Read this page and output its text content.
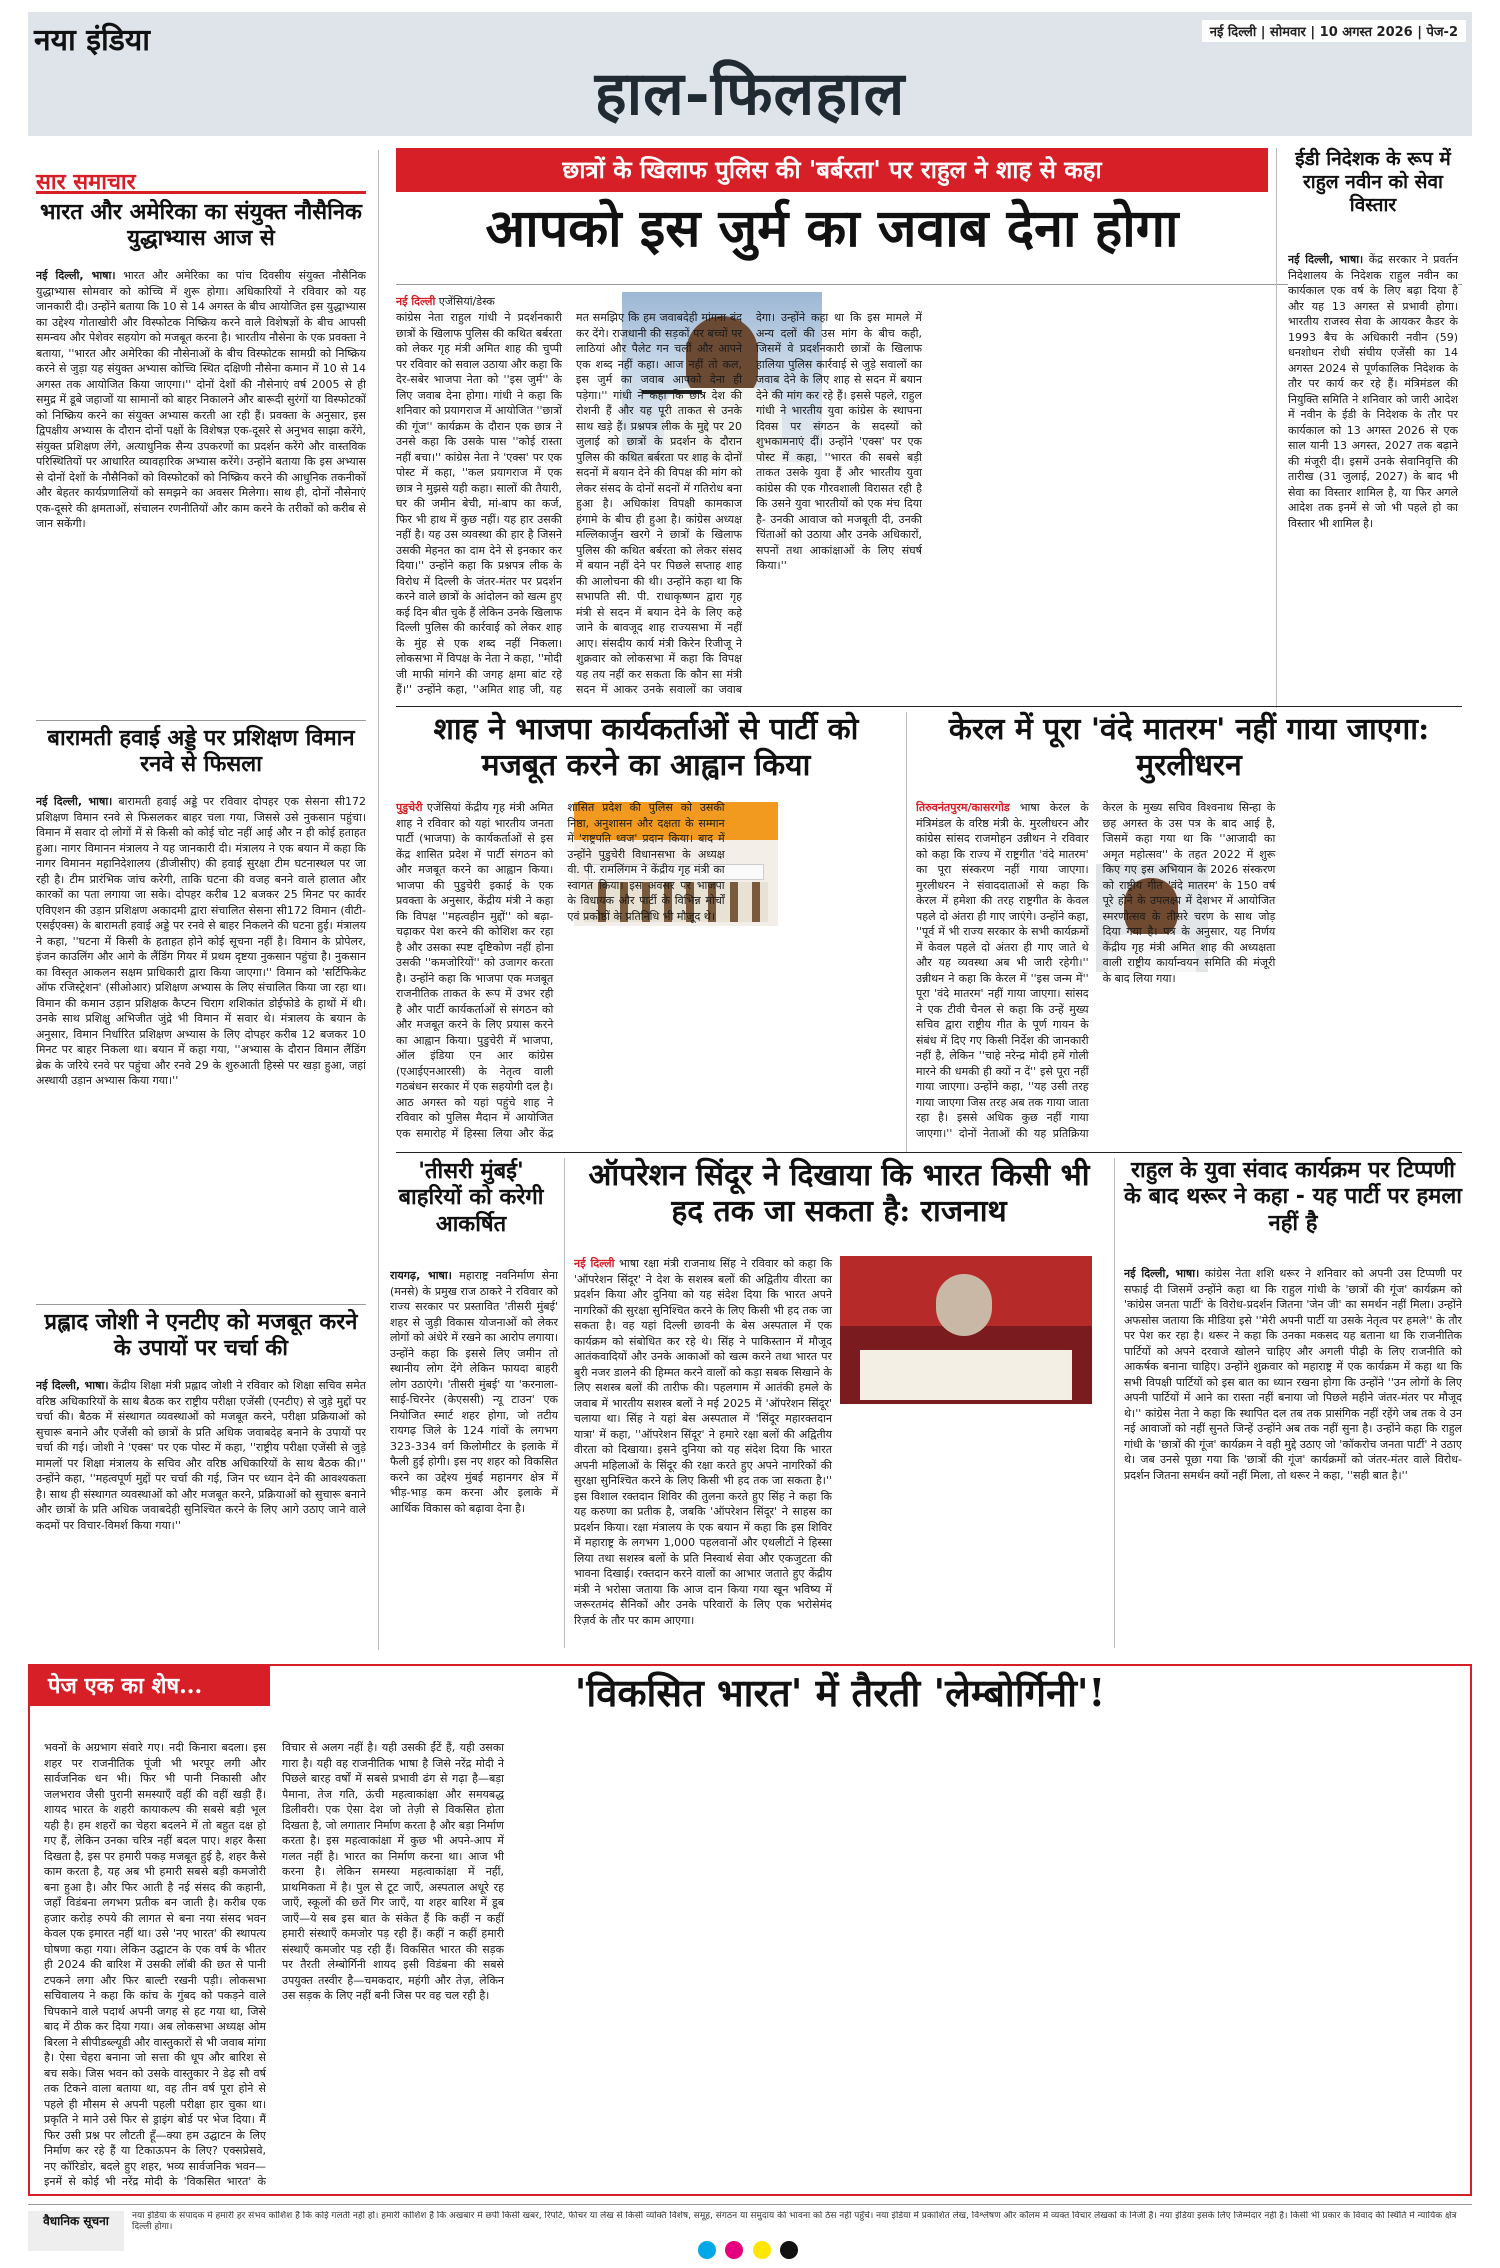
नया इंडिया	नई दिल्ली | सोमवार | 10 अगस्त 2026 | पेज-2
हाल-फिलहाल
सार समाचार
भारत और अमेरिका का संयुक्त नौसैनिक युद्धाभ्यास आज से
नई दिल्ली, भाषा। भारत और अमेरिका का पांच दिवसीय संयुक्त नौसैनिक युद्धाभ्यास सोमवार को कोच्चि में शुरू होगा। अधिकारियों ने रविवार को यह जानकारी दी। उन्होंने बताया कि 10 से 14 अगस्त के बीच आयोजित इस युद्धाभ्यास का उद्देश्य गोताखोरी और विस्फोटक निष्क्रिय करने वाले विशेषज्ञों के बीच आपसी समन्वय और पेशेवर सहयोग को मजबूत करना है। भारतीय नौसेना के एक प्रवक्ता ने बताया, ''भारत और अमेरिका की नौसेनाओं के बीच विस्फोटक सामग्री को निष्क्रिय करने से जुड़ा यह संयुक्त अभ्यास कोच्चि स्थित दक्षिणी नौसेना कमान में 10 से 14 अगस्त तक आयोजित किया जाएगा।'' दोनों देशों की नौसेनाएं वर्ष 2005 से ही समुद्र में डूबे जहाजों या सामानों को बाहर निकालने और बारूदी सुरंगों या विस्फोटकों को निष्क्रिय करने का संयुक्त अभ्यास करती आ रही हैं। प्रवक्ता के अनुसार, इस द्विपक्षीय अभ्यास के दौरान दोनों पक्षों के विशेषज्ञ एक-दूसरे से अनुभव साझा करेंगे, संयुक्त प्रशिक्षण लेंगे, अत्याधुनिक सैन्य उपकरणों का प्रदर्शन करेंगे और वास्तविक परिस्थितियों पर आधारित व्यावहारिक अभ्यास करेंगे। उन्होंने बताया कि इस अभ्यास से दोनों देशों के नौसैनिकों को विस्फोटकों को निष्क्रिय करने की आधुनिक तकनीकों और बेहतर कार्यप्रणालियों को समझने का अवसर मिलेगा। साथ ही, दोनों नौसेनाएं एक-दूसरे की क्षमताओं, संचालन रणनीतियों और काम करने के तरीकों को करीब से जान सकेंगी।
बारामती हवाई अड्डे पर प्रशिक्षण विमान रनवे से फिसला
नई दिल्ली, भाषा। बारामती हवाई अड्डे पर रविवार दोपहर एक सेसना सी172 प्रशिक्षण विमान रनवे से फिसलकर बाहर चला गया, जिससे उसे नुकसान पहुंचा। विमान में सवार दो लोगों में से किसी को कोई चोट नहीं आई और न ही कोई हताहत हुआ। नागर विमानन मंत्रालय ने यह जानकारी दी। मंत्रालय ने एक बयान में कहा कि नागर विमानन महानिदेशालय (डीजीसीए) की हवाई सुरक्षा टीम घटनास्थल पर जा रही है। टीम प्रारंभिक जांच करेगी, ताकि घटना की वजह बनने वाले हालात और कारकों का पता लगाया जा सके। दोपहर करीब 12 बजकर 25 मिनट पर कार्वर एविएशन की उड़ान प्रशिक्षण अकादमी द्वारा संचालित सेसना सी172 विमान (वीटी-एसईएक्स) के बारामती हवाई अड्डे पर रनवे से बाहर निकलने की घटना हुई। मंत्रालय ने कहा, ''घटना में किसी के हताहत होने कोई सूचना नहीं है। विमान के प्रोपेलर, इंजन काउलिंग और आगे के लैंडिंग गियर में प्रथम दृष्टया नुकसान पहुंचा है। नुकसान का विस्तृत आकलन सक्षम प्राधिकारी द्वारा किया जाएगा।'' विमान को 'सर्टिफिकेट ऑफ रजिस्ट्रेशन' (सीओआर) प्रशिक्षण अभ्यास के लिए संचालित किया जा रहा था। विमान की कमान उड़ान प्रशिक्षक कैप्टन चिराग शशिकांत डोईफोडे के हाथों में थी। उनके साथ प्रशिक्षु अभिजीत जुंद्रे भी विमान में सवार थे। मंत्रालय के बयान के अनुसार, विमान निर्धारित प्रशिक्षण अभ्यास के लिए दोपहर करीब 12 बजकर 10 मिनट पर बाहर निकला था। बयान में कहा गया, ''अभ्यास के दौरान विमान लैंडिंग ब्रेक के जरिये रनवे पर पहुंचा और रनवे 29 के शुरुआती हिस्से पर खड़ा हुआ, जहां अस्थायी उड़ान अभ्यास किया गया।''
प्रह्लाद जोशी ने एनटीए को मजबूत करने के उपायों पर चर्चा की
नई दिल्ली, भाषा। केंद्रीय शिक्षा मंत्री प्रह्लाद जोशी ने रविवार को शिक्षा सचिव समेत वरिष्ठ अधिकारियों के साथ बैठक कर राष्ट्रीय परीक्षा एजेंसी (एनटीए) से जुड़े मुद्दों पर चर्चा की। बैठक में संस्थागत व्यवस्थाओं को मजबूत करने, परीक्षा प्रक्रियाओं को सुचारू बनाने और एजेंसी को छात्रों के प्रति अधिक जवाबदेह बनाने के उपायों पर चर्चा की गई। जोशी ने 'एक्स' पर एक पोस्ट में कहा, ''राष्ट्रीय परीक्षा एजेंसी से जुड़े मामलों पर शिक्षा मंत्रालय के सचिव और वरिष्ठ अधिकारियों के साथ बैठक की।'' उन्होंने कहा, ''महत्वपूर्ण मुद्दों पर चर्चा की गई, जिन पर ध्यान देने की आवश्यकता है। साथ ही संस्थागत व्यवस्थाओं को और मजबूत करने, प्रक्रियाओं को सुचारू बनाने और छात्रों के प्रति अधिक जवाबदेही सुनिश्चित करने के लिए आगे उठाए जाने वाले कदमों पर विचार-विमर्श किया गया।''
छात्रों के खिलाफ पुलिस की 'बर्बरता' पर राहुल ने शाह से कहा
आपको इस जुर्म का जवाब देना होगा
नई दिल्ली एजेंसियां/डेस्क
कांग्रेस नेता राहुल गांधी ने प्रदर्शनकारी छात्रों के खिलाफ पुलिस की कथित बर्बरता को लेकर गृह मंत्री अमित शाह की चुप्पी पर रविवार को सवाल उठाया और कहा कि देर-सबेर भाजपा नेता को ''इस जुर्म'' के लिए जवाब देना होगा। गांधी ने कहा कि शनिवार को प्रयागराज में आयोजित ''छात्रों की गूंज'' कार्यक्रम के दौरान एक छात्र ने उनसे कहा कि उसके पास ''कोई रास्ता नहीं बचा।'' कांग्रेस नेता ने 'एक्स' पर एक पोस्ट में कहा, ''कल प्रयागराज में एक छात्र ने मुझसे यही कहा। सालों की तैयारी, घर की जमीन बेची, मां-बाप का कर्ज, फिर भी हाथ में कुछ नहीं। यह हार उसकी नहीं है। यह उस व्यवस्था की हार है जिसने उसकी मेहनत का दाम देने से इनकार कर दिया।'' उन्होंने कहा कि प्रश्नपत्र लीक के विरोध में दिल्ली के जंतर-मंतर पर प्रदर्शन करने वाले छात्रों के आंदोलन को खत्म हुए कई दिन बीत चुके हैं लेकिन उनके खिलाफ दिल्ली पुलिस की कार्रवाई को लेकर शाह के मुंह से एक शब्द नहीं निकला। लोकसभा में विपक्ष के नेता ने कहा, ''मोदी जी माफी मांगने की जगह क्षमा बांट रहे हैं।'' उन्होंने कहा, ''अमित शाह जी, यह मत समझिए कि हम जवाबदेही मांगना बंद कर देंगे। राजधानी की सड़कों पर बच्चों पर लाठियां और पैलेट गन चलीं और आपने एक शब्द नहीं कहा। आज नहीं तो कल, इस जुर्म का जवाब आपको देना ही पड़ेगा।'' गांधी ने कहा कि छात्र देश की रोशनी हैं और यह पूरी ताकत से उनके साथ खड़े हैं। प्रश्नपत्र लीक के मुद्दे पर 20 जुलाई को छात्रों के प्रदर्शन के दौरान पुलिस की कथित बर्बरता पर शाह के दोनों सदनों में बयान देने की विपक्ष की मांग को लेकर संसद के दोनों सदनों में गतिरोध बना हुआ है। अधिकांश विपक्षी कामकाज हंगामे के बीच ही हुआ है। कांग्रेस अध्यक्ष मल्लिकार्जुन खरगे ने छात्रों के खिलाफ पुलिस की कथित बर्बरता को लेकर संसद में बयान नहीं देने पर पिछले सप्ताह शाह की आलोचना की थी। उन्होंने कहा था कि सभापति सी. पी. राधाकृष्णन द्वारा गृह मंत्री से सदन में बयान देने के लिए कहे जाने के बावजूद शाह राज्यसभा में नहीं आए। संसदीय कार्य मंत्री किरेन रिजीजू ने शुक्रवार को लोकसभा में कहा कि विपक्ष यह तय नहीं कर सकता कि कौन सा मंत्री सदन में आकर उनके सवालों का जवाब देगा। उन्होंने कहा था कि इस मामले में अन्य दलों की उस मांग के बीच कही, जिसमें वे प्रदर्शनकारी छात्रों के खिलाफ हालिया पुलिस कार्रवाई से जुड़े सवालों का जवाब देने के लिए शाह से सदन में बयान देने की मांग कर रहे हैं। इससे पहले, राहुल गांधी ने भारतीय युवा कांग्रेस के स्थापना दिवस पर संगठन के सदस्यों को शुभकामनाएं दीं। उन्होंने 'एक्स' पर एक पोस्ट में कहा, ''भारत की सबसे बड़ी ताकत उसके युवा हैं और भारतीय युवा कांग्रेस की एक गौरवशाली विरासत रही है कि उसने युवा भारतीयों को एक मंच दिया है- उनकी आवाज को मजबूती दी, उनकी चिंताओं को उठाया और उनके अधिकारों, सपनों तथा आकांक्षाओं के लिए संघर्ष किया।''
ईडी निदेशक के रूप में राहुल नवीन को सेवा विस्तार
नई दिल्ली, भाषा। केंद्र सरकार ने प्रवर्तन निदेशालय के निदेशक राहुल नवीन का कार्यकाल एक वर्ष के लिए बढ़ा दिया है और यह 13 अगस्त से प्रभावी होगा। भारतीय राजस्व सेवा के आयकर कैडर के 1993 बैच के अधिकारी नवीन (59) धनशोधन रोधी संघीय एजेंसी का 14 अगस्त 2024 से पूर्णकालिक निदेशक के तौर पर कार्य कर रहे हैं। मंत्रिमंडल की नियुक्ति समिति ने शनिवार को जारी आदेश में नवीन के ईडी के निदेशक के तौर पर कार्यकाल को 13 अगस्त 2026 से एक साल यानी 13 अगस्त, 2027 तक बढ़ाने की मंजूरी दी। इसमें उनके सेवानिवृत्ति की तारीख (31 जुलाई, 2027) के बाद भी सेवा का विस्तार शामिल है, या फिर अगले आदेश तक इनमें से जो भी पहले हो का विस्तार भी शामिल है।
शाह ने भाजपा कार्यकर्ताओं से पार्टी को मजबूत करने का आह्वान किया
पुडुचेरी एजेंसियां केंद्रीय गृह मंत्री अमित शाह ने रविवार को यहां भारतीय जनता पार्टी (भाजपा) के कार्यकर्ताओं से इस केंद्र शासित प्रदेश में पार्टी संगठन को और मजबूत करने का आह्वान किया। भाजपा की पुडुचेरी इकाई के एक प्रवक्ता के अनुसार, केंद्रीय मंत्री ने कहा कि विपक्ष ''महत्वहीन मुद्दों'' को बढ़ा-चढ़ाकर पेश करने की कोशिश कर रहा है और उसका स्पष्ट दृष्टिकोण नहीं होना उसकी ''कमजोरियों'' को उजागर करता है। उन्होंने कहा कि भाजपा एक मजबूत राजनीतिक ताकत के रूप में उभर रही है और पार्टी कार्यकर्ताओं से संगठन को और मजबूत करने के लिए प्रयास करने का आह्वान किया। पुडुचेरी में भाजपा, ऑल इंडिया एन आर कांग्रेस (एआईएनआरसी) के नेतृत्व वाली गठबंधन सरकार में एक सहयोगी दल है। आठ अगस्त को यहां पहुंचे शाह ने रविवार को पुलिस मैदान में आयोजित एक समारोह में हिस्सा लिया और केंद्र शासित प्रदेश की पुलिस को उसकी निष्ठा, अनुशासन और दक्षता के सम्मान में 'राष्ट्रपति ध्वज' प्रदान किया। बाद में उन्होंने पुडुचेरी विधानसभा के अध्यक्ष वी. पी. रामलिंगम ने केंद्रीय गृह मंत्री का स्वागत किया। इस अवसर पर भाजपा के विधायक और पार्टी के विभिन्न मोर्चों एवं प्रकोष्ठों के प्रतिनिधि भी मौजूद थे।
केरल में पूरा 'वंदे मातरम' नहीं गाया जाएगा: मुरलीधरन
तिरुवनंतपुरम/कासरगोड भाषा केरल के मंत्रिमंडल के वरिष्ठ मंत्री के. मुरलीधरन और कांग्रेस सांसद राजमोहन उन्नीथन ने रविवार को कहा कि राज्य में राष्ट्रगीत 'वंदे मातरम' का पूरा संस्करण नहीं गाया जाएगा। मुरलीधरन ने संवाददाताओं से कहा कि केरल में हमेशा की तरह राष्ट्रगीत के केवल पहले दो अंतरा ही गाए जाएंगे। उन्होंने कहा, ''पूर्व में भी राज्य सरकार के सभी कार्यक्रमों में केवल पहले दो अंतरा ही गाए जाते थे और यह व्यवस्था अब भी जारी रहेगी।'' उन्नीथन ने कहा कि केरल में ''इस जन्म में'' पूरा 'वंदे मातरम' नहीं गाया जाएगा। सांसद ने एक टीवी चैनल से कहा कि उन्हें मुख्य सचिव द्वारा राष्ट्रीय गीत के पूर्ण गायन के संबंध में दिए गए किसी निर्देश की जानकारी नहीं है, लेकिन ''चाहे नरेन्द्र मोदी हमें गोली मारने की धमकी ही क्यों न दें'' इसे पूरा नहीं गाया जाएगा। उन्होंने कहा, ''यह उसी तरह गाया जाएगा जिस तरह अब तक गाया जाता रहा है। इससे अधिक कुछ नहीं गाया जाएगा।'' दोनों नेताओं की यह प्रतिक्रिया केरल के मुख्य सचिव विश्वनाथ सिन्हा के छह अगस्त के उस पत्र के बाद आई है, जिसमें कहा गया था कि ''आजादी का अमृत महोत्सव'' के तहत 2022 में शुरू किए गए इस अभियान के 2026 संस्करण को राष्ट्रीय गीत 'वंदे मातरम' के 150 वर्ष पूरे होने के उपलक्ष्य में देशभर में आयोजित स्मरणोत्सव के तीसरे चरण के साथ जोड़ दिया गया है। पत्र के अनुसार, यह निर्णय केंद्रीय गृह मंत्री अमित शाह की अध्यक्षता वाली राष्ट्रीय कार्यान्वयन समिति की मंजूरी के बाद लिया गया।
'तीसरी मुंबई' बाहरियों को करेगी आकर्षित
रायगढ़, भाषा। महाराष्ट्र नवनिर्माण सेना (मनसे) के प्रमुख राज ठाकरे ने रविवार को राज्य सरकार पर प्रस्तावित 'तीसरी मुंबई' शहर से जुड़ी विकास योजनाओं को लेकर लोगों को अंधेरे में रखने का आरोप लगाया। उन्होंने कहा कि इससे लिए जमीन तो स्थानीय लोग देंगे लेकिन फायदा बाहरी लोग उठाएंगे। 'तीसरी मुंबई' या 'करनाला-साई-चिरनेर (केएससी) न्यू टाउन' एक नियोजित स्मार्ट शहर होगा, जो तटीय रायगढ़ जिले के 124 गांवों के लगभग 323-334 वर्ग किलोमीटर के इलाके में फैली हुई होगी। इस नए शहर को विकसित करने का उद्देश्य मुंबई महानगर क्षेत्र में भीड़-भाड़ कम करना और इलाके में आर्थिक विकास को बढ़ावा देना है।
ऑपरेशन सिंदूर ने दिखाया कि भारत किसी भी हद तक जा सकता है: राजनाथ
नई दिल्ली भाषा रक्षा मंत्री राजनाथ सिंह ने रविवार को कहा कि 'ऑपरेशन सिंदूर' ने देश के सशस्त्र बलों की अद्वितीय वीरता का प्रदर्शन किया और दुनिया को यह संदेश दिया कि भारत अपने नागरिकों की सुरक्षा सुनिश्चित करने के लिए किसी भी हद तक जा सकता है। वह यहां दिल्ली छावनी के बेस अस्पताल में एक कार्यक्रम को संबोधित कर रहे थे। सिंह ने पाकिस्तान में मौजूद आतंकवादियों और उनके आकाओं को खत्म करने तथा भारत पर बुरी नजर डालने की हिम्मत करने वालों को कड़ा सबक सिखाने के लिए सशस्त्र बलों की तारीफ की। पहलगाम में आतंकी हमले के जवाब में भारतीय सशस्त्र बलों ने मई 2025 में 'ऑपरेशन सिंदूर' चलाया था। सिंह ने यहां बेस अस्पताल में 'सिंदूर महारक्तदान यात्रा' में कहा, ''ऑपरेशन सिंदूर' ने हमारे रक्षा बलों की अद्वितीय वीरता को दिखाया। इसने दुनिया को यह संदेश दिया कि भारत अपनी महिलाओं के सिंदूर की रक्षा करते हुए अपने नागरिकों की सुरक्षा सुनिश्चित करने के लिए किसी भी हद तक जा सकता है।'' इस विशाल रक्तदान शिविर की तुलना करते हुए सिंह ने कहा कि यह करुणा का प्रतीक है, जबकि 'ऑपरेशन सिंदूर' ने साहस का प्रदर्शन किया। रक्षा मंत्रालय के एक बयान में कहा कि इस शिविर में महाराष्ट्र के लगभग 1,000 पहलवानों और एथलीटों ने हिस्सा लिया तथा सशस्त्र बलों के प्रति निस्वार्थ सेवा और एकजुटता की भावना दिखाई। रक्तदान करने वालों का आभार जताते हुए केंद्रीय मंत्री ने भरोसा जताया कि आज दान किया गया खून भविष्य में जरूरतमंद सैनिकों और उनके परिवारों के लिए एक भरोसेमंद रिज़र्व के तौर पर काम आएगा।
राहुल के युवा संवाद कार्यक्रम पर टिप्पणी के बाद थरूर ने कहा - यह पार्टी पर हमला नहीं है
नई दिल्ली, भाषा। कांग्रेस नेता शशि थरूर ने शनिवार को अपनी उस टिप्पणी पर सफाई दी जिसमें उन्होंने कहा था कि राहुल गांधी के 'छात्रों की गूंज' कार्यक्रम को 'कांग्रेस जनता पार्टी' के विरोध-प्रदर्शन जितना 'जेन जी' का समर्थन नहीं मिला। उन्होंने अफसोस जताया कि मीडिया इसे ''मेरी अपनी पार्टी या उसके नेतृत्व पर हमले'' के तौर पर पेश कर रहा है। थरूर ने कहा कि उनका मकसद यह बताना था कि राजनीतिक पार्टियों को अपने दरवाजे खोलने चाहिए और अगली पीढ़ी के लिए राजनीति को आकर्षक बनाना चाहिए। उन्होंने शुक्रवार को महाराष्ट्र में एक कार्यक्रम में कहा था कि सभी विपक्षी पार्टियों को इस बात का ध्यान रखना होगा कि उन्होंने ''उन लोगों के लिए अपनी पार्टियों में आने का रास्ता नहीं बनाया जो पिछले महीने जंतर-मंतर पर मौजूद थे।'' कांग्रेस नेता ने कहा कि स्थापित दल तब तक प्रासंगिक नहीं रहेंगे जब तक वे उन नई आवाजों को नहीं सुनते जिन्हें उन्होंने अब तक नहीं सुना है। उन्होंने कहा कि राहुल गांधी के 'छात्रों की गूंज' कार्यक्रम ने वही मुद्दे उठाए जो 'कॉकरोच जनता पार्टी' ने उठाए थे। जब उनसे पूछा गया कि 'छात्रों की गूंज' कार्यक्रमों को जंतर-मंतर वाले विरोध-प्रदर्शन जितना समर्थन क्यों नहीं मिला, तो थरूर ने कहा, ''सही बात है।''
पेज एक का शेष...	'विकसित भारत' में तैरती 'लेम्बोर्गिनी'!
भवनों के अग्रभाग संवारे गए। नदी किनारा बदला। इस शहर पर राजनीतिक पूंजी भी भरपूर लगी और सार्वजनिक धन भी। फिर भी पानी निकासी और जलभराव जैसी पुरानी समस्याएँ वहीं की वहीं खड़ी हैं। शायद भारत के शहरी कायाकल्प की सबसे बड़ी भूल यही है। हम शहरों का चेहरा बदलने में तो बहुत दक्ष हो गए हैं, लेकिन उनका चरित्र नहीं बदल पाए। शहर कैसा दिखता है, इस पर हमारी पकड़ मजबूत हुई है, शहर कैसे काम करता है, यह अब भी हमारी सबसे बड़ी कमजोरी बना हुआ है। और फिर आती है नई संसद की कहानी, जहाँ विडंबना लगभग प्रतीक बन जाती है। करीब एक हजार करोड़ रुपये की लागत से बना नया संसद भवन केवल एक इमारत नहीं था। उसे 'नए भारत' की स्थापत्य घोषणा कहा गया। लेकिन उद्घाटन के एक वर्ष के भीतर ही 2024 की बारिश में उसकी लॉबी की छत से पानी टपकने लगा और फिर बाल्टी रखनी पड़ी। लोकसभा सचिवालय ने कहा कि कांच के गुंबद को पकड़ने वाले चिपकाने वाले पदार्थ अपनी जगह से हट गया था, जिसे बाद में ठीक कर दिया गया। अब लोकसभा अध्यक्ष ओम बिरला ने सीपीडब्ल्यूडी और वास्तुकारों से भी जवाब मांगा है। ऐसा चेहरा बनाना जो सत्ता की धूप और बारिश से बच सके। जिस भवन को उसके वास्तुकार ने डेढ़ सौ वर्ष तक टिकने वाला बताया था, वह तीन वर्ष पूरा होने से पहले ही मौसम से अपनी पहली परीक्षा हार चुका था। प्रकृति ने माने उसे फिर से ड्राइंग बोर्ड पर भेज दिया। मैं फिर उसी प्रश्न पर लौटती हूँ—क्या हम उद्घाटन के लिए निर्माण कर रहे हैं या टिकाऊपन के लिए? एक्सप्रेसवे, नए कॉरिडोर, बदले हुए शहर, भव्य सार्वजनिक भवन—इनमें से कोई भी नरेंद्र मोदी के 'विकसित भारत' के विचार से अलग नहीं है। यही उसकी ईंटें हैं, यही उसका गारा है। यही वह राजनीतिक भाषा है जिसे नरेंद्र मोदी ने पिछले बारह वर्षों में सबसे प्रभावी ढंग से गढ़ा है—बड़ा पैमाना, तेज गति, ऊंची महत्वाकांक्षा और समयबद्ध डिलीवरी। एक ऐसा देश जो तेज़ी से विकसित होता दिखता है, जो लगातार निर्माण करता है और बड़ा निर्माण करता है। इस महत्वाकांक्षा में कुछ भी अपने-आप में गलत नहीं है। भारत का निर्माण करना था। आज भी करना है। लेकिन समस्या महत्वाकांक्षा में नहीं, प्राथमिकता में है। पुल से टूट जाएँ, अस्पताल अधूरे रह जाएँ, स्कूलों की छतें गिर जाएँ, या शहर बारिश में डूब जाएँ—ये सब इस बात के संकेत हैं कि कहीं न कहीं हमारी संस्थाएँ कमजोर पड़ रही हैं। कहीं न कहीं हमारी संस्थाएँ कमजोर पड़ रही हैं। विकसित भारत की सड़क पर तैरती लेम्बोर्गिनी शायद इसी विडंबना की सबसे उपयुक्त तस्वीर है—चमकदार, महंगी और तेज़, लेकिन उस सड़क के लिए नहीं बनी जिस पर वह चल रही है।
वैधानिक सूचना	नया इंडिया के संपादक में हमारी हर संभव कोशिश है कि कोई गलती नहीं हो। हमारी कोशिश है कि अखबार में छपी किसी खबर, रिपोर्ट, फीचर या लेख से किसी व्यक्ति विशेष, समूह, संगठन या समुदाय की भावना को ठेस नहीं पहुँचे। नया इंडिया में प्रकाशित लेख, विश्लेषण और कॉलम में व्यक्त विचार लेखकों के निजी हैं। नया इंडिया इसके लिए जिम्मेदार नहीं है। किसी भी प्रकार के विवाद की स्थिति में न्यायिक क्षेत्र दिल्ली होगा।
